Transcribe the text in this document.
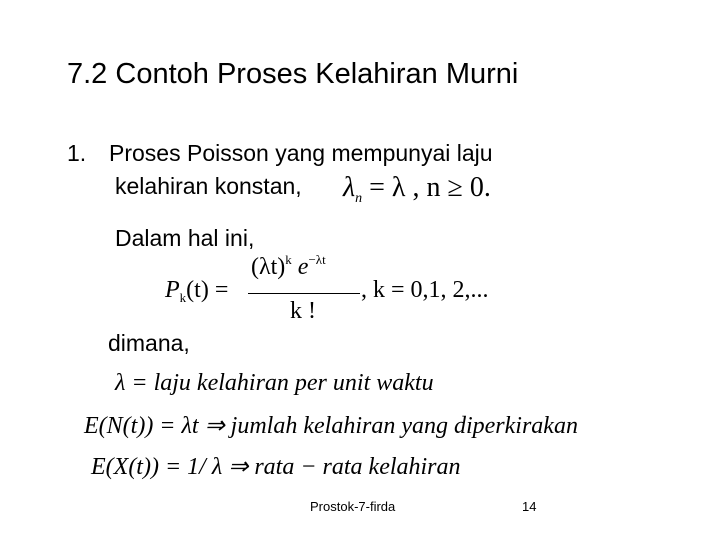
7.2 Contoh Proses Kelahiran Murni
1. Proses Poisson yang mempunyai laju
kelahiran konstan, $\lambda_n = \lambda$ , n ≥ 0.
Dalam hal ini,
$P_k(t)$ =
$(\lambda t)^k$ $e^{-\lambda t}$
k !
, k = 0,1, 2,...
dimana,
λ = laju kelahiran per unit waktu
E(N(t)) = λt ⇒ jumlah kelahiran yang diperkirakan
E(X(t)) = 1/ λ ⇒ rata − rata kelahiran
Prostok-7-firda	14
